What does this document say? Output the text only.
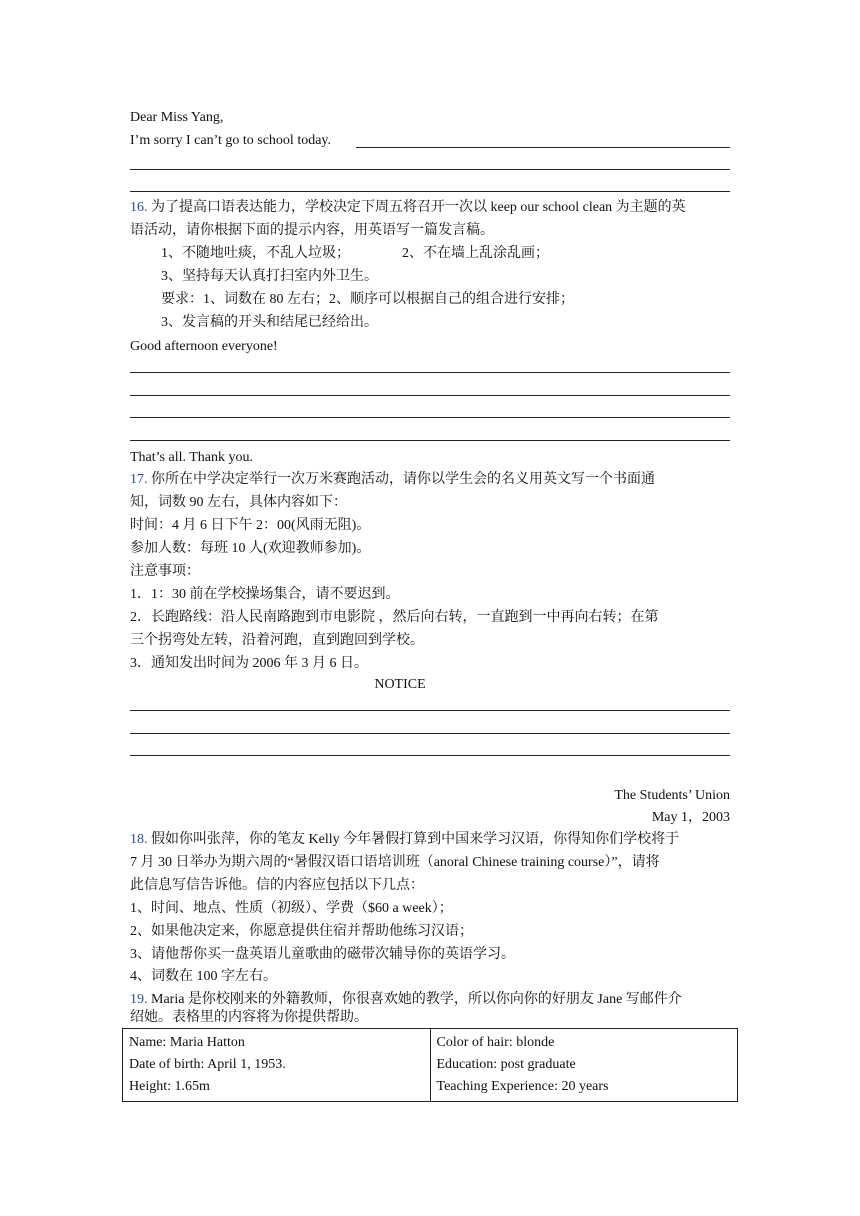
Dear Miss Yang,
I’m sorry I can’t go to school today.
16. 为了提高口语表达能力，学校决定下周五将召开一次以 keep our school clean 为主题的英
语活动，请你根据下面的提示内容，用英语写一篇发言稿。
1、不随地吐痰，不乱人垃圾；	2、不在墙上乱涂乱画；
3、坚持每天认真打扫室内外卫生。
要求：1、词数在 80 左右；2、顺序可以根据自己的组合进行安排；
3、发言稿的开头和结尾已经给出。
Good afternoon everyone!
That’s all. Thank you.
17. 你所在中学决定举行一次万米赛跑活动，请你以学生会的名义用英文写一个书面通
知，词数 90 左右，具体内容如下：
时间：4 月 6 日下午 2：00(风雨无阻)。
参加人数：每班 10 人(欢迎教师参加)。
注意事项：
1．1：30 前在学校操场集合，请不要迟到。
2．长跑路线：沿人民南路跑到市电影院 ，然后向右转，一直跑到一中再向右转；在第
三个拐弯处左转，沿着河跑，直到跑回到学校。
3．通知发出时间为 2006 年 3 月 6 日。
NOTICE
The Students’ Union
May 1，2003
18. 假如你叫张萍，你的笔友 Kelly 今年暑假打算到中国来学习汉语，你得知你们学校将于
7 月 30 日举办为期六周的“暑假汉语口语培训班（anoral Chinese training course）”，请将
此信息写信告诉他。信的内容应包括以下几点：
1、时间、地点、性质（初级）、学费（$60 a week）；
2、如果他决定来，你愿意提供住宿并帮助他练习汉语；
3、请他帮你买一盘英语儿童歌曲的磁带次辅导你的英语学习。
4、词数在 100 字左右。
19. Maria 是你校刚来的外籍教师，你很喜欢她的教学，所以你向你的好朋友 Jane 写邮件介
绍她。表格里的内容将为你提供帮助。
Name: Maria Hatton
Date of birth: April 1, 1953.
Height: 1.65m

Color of hair: blonde
Education: post graduate
Teaching Experience: 20 years
